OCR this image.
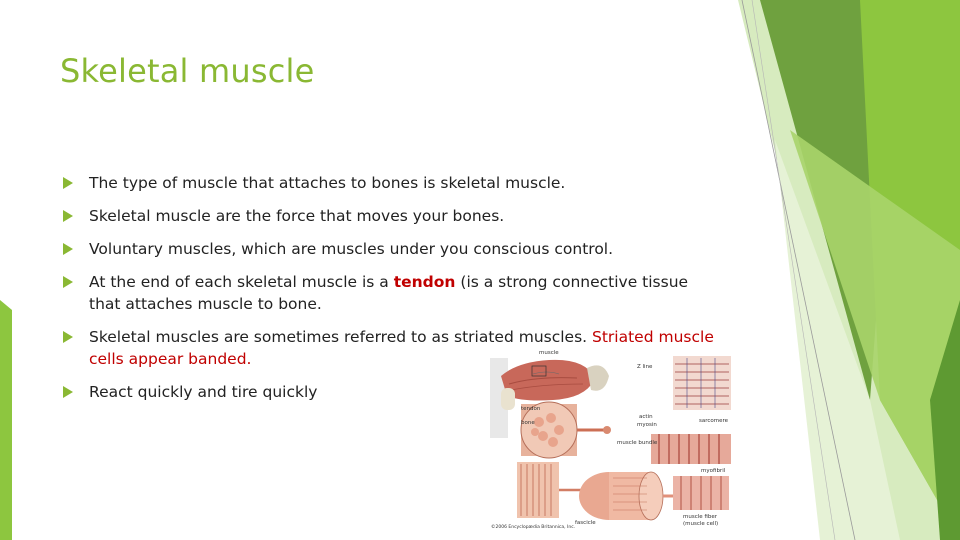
Skeletal muscle
The type of muscle that attaches to bones is skeletal muscle.
Skeletal muscle are the force that moves your bones.
Voluntary muscles, which are muscles under you conscious control.
At the end of each skeletal muscle is a tendon (is a strong connective tissue that attaches muscle to bone.
Skeletal muscles are sometimes referred to as striated muscles. Striated muscle cells appear banded.
React quickly and tire quickly
muscle
Z line
tendon
bone
actin
myosin
sarcomere
muscle bundle
myofibril
fascicle
muscle fiber
(muscle cell)
©2006 Encyclopædia Britannica, Inc.
